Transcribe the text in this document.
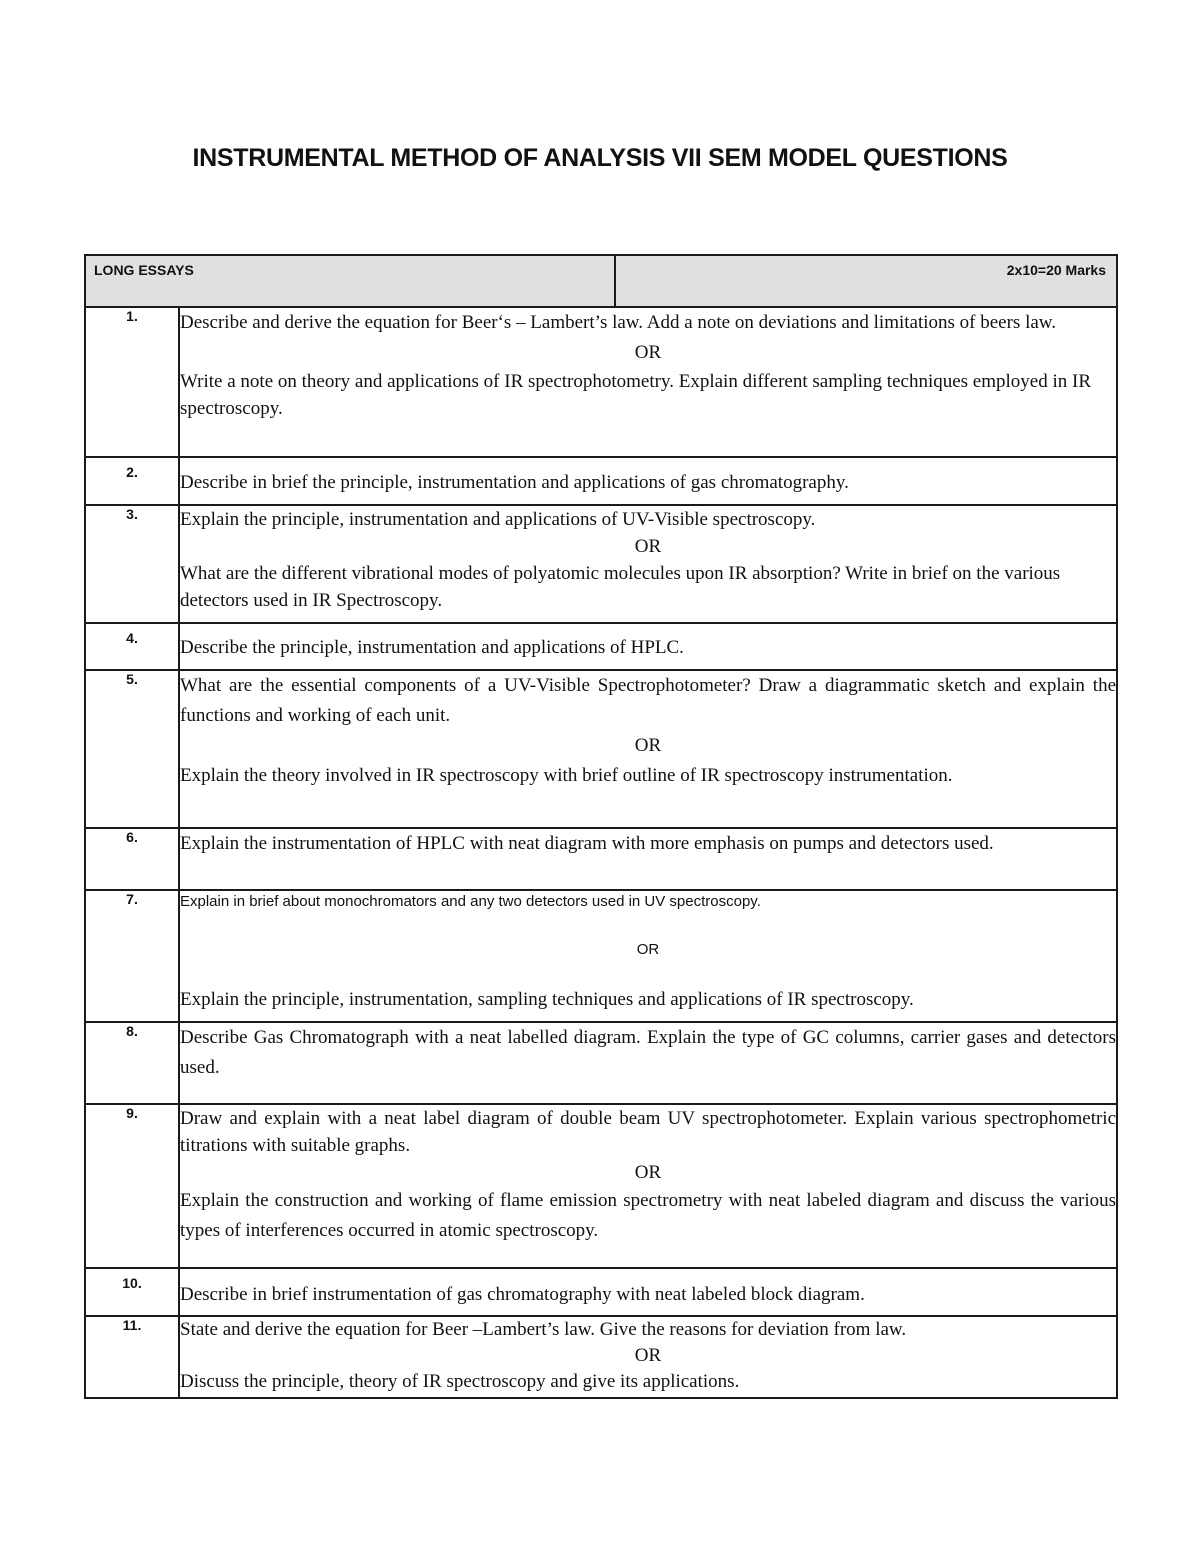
INSTRUMENTAL METHOD OF ANALYSIS VII SEM MODEL QUESTIONS
LONG ESSAYS		2x10=20 Marks
1.	Describe and derive the equation for Beer‘s – Lambert’s law. Add a note on deviations and limitations of beers law.

OR

Write a note on theory and applications of IR spectrophotometry. Explain different sampling techniques employed in IR spectroscopy.	

2.	Describe in brief the principle, instrumentation and applications of gas chromatography.	

3.	Explain the principle, instrumentation and applications of UV-Visible spectroscopy.

OR

What are the different vibrational modes of polyatomic molecules upon IR absorption? Write in brief on the various detectors used in IR Spectroscopy.	

4.	Describe the principle, instrumentation and applications of HPLC.	

5.	What are the essential components of a UV-Visible Spectrophotometer? Draw a diagrammatic sketch and explain the functions and working of each unit.

OR

Explain the theory involved in IR spectroscopy with brief outline of IR spectroscopy instrumentation.	

6.	Explain the instrumentation of HPLC with neat diagram with more emphasis on pumps and detectors used.	

7.	Explain in brief about monochromators and any two detectors used in UV spectroscopy.

OR

Explain the principle, instrumentation, sampling techniques and applications of IR spectroscopy.	

8.	Describe Gas Chromatograph with a neat labelled diagram. Explain the type of GC columns, carrier gases and detectors used.	

9.	Draw and explain with a neat label diagram of double beam UV spectrophotometer. Explain various spectrophometric titrations with suitable graphs.

OR

Explain the construction and working of flame emission spectrometry with neat labeled diagram and discuss the various types of interferences occurred in atomic spectroscopy.	

10.	Describe in brief instrumentation of gas chromatography with neat labeled block diagram.	

11.	State and derive the equation for Beer –Lambert’s law. Give the reasons for deviation from law.

OR

Discuss the principle, theory of IR spectroscopy and give its applications.	
